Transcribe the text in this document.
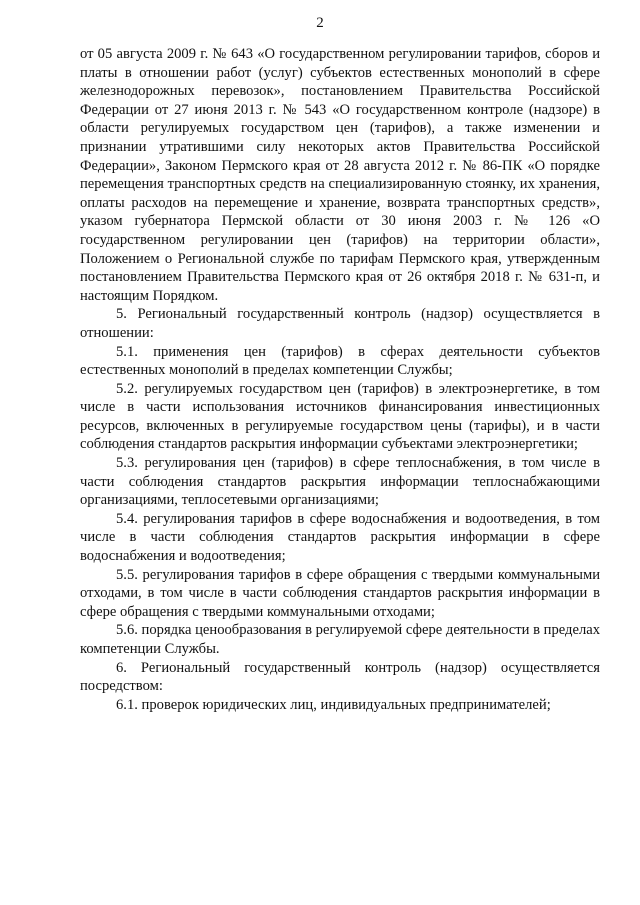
2

от 05 августа 2009 г. № 643 «О государственном регулировании тарифов, сборов и платы в отношении работ (услуг) субъектов естественных монополий в сфере железнодорожных перевозок», постановлением Правительства Российской Федерации от 27 июня 2013 г. № 543 «О государственном контроле (надзоре) в области регулируемых государством цен (тарифов), а также изменении и признании утратившими силу некоторых актов Правительства Российской Федерации», Законом Пермского края от 28 августа 2012 г. № 86-ПК «О порядке перемещения транспортных средств на специализированную стоянку, их хранения, оплаты расходов на перемещение и хранение, возврата транспортных средств», указом губернатора Пермской области от 30 июня 2003 г. № 126 «О государственном регулировании цен (тарифов) на территории области», Положением о Региональной службе по тарифам Пермского края, утвержденным постановлением Правительства Пермского края от 26 октября 2018 г. № 631-п, и настоящим Порядком.

5. Региональный государственный контроль (надзор) осуществляется в отношении:

5.1. применения цен (тарифов) в сферах деятельности субъектов естественных монополий в пределах компетенции Службы;

5.2. регулируемых государством цен (тарифов) в электроэнергетике, в том числе в части использования источников финансирования инвестиционных ресурсов, включенных в регулируемые государством цены (тарифы), и в части соблюдения стандартов раскрытия информации субъектами электроэнергетики;

5.3. регулирования цен (тарифов) в сфере теплоснабжения, в том числе в части соблюдения стандартов раскрытия информации теплоснабжающими организациями, теплосетевыми организациями;

5.4. регулирования тарифов в сфере водоснабжения и водоотведения, в том числе в части соблюдения стандартов раскрытия информации в сфере водоснабжения и водоотведения;

5.5. регулирования тарифов в сфере обращения с твердыми коммунальными отходами, в том числе в части соблюдения стандартов раскрытия информации в сфере обращения с твердыми коммунальными отходами;

5.6. порядка ценообразования в регулируемой сфере деятельности в пределах компетенции Службы.

6. Региональный государственный контроль (надзор) осуществляется посредством:

6.1. проверок юридических лиц, индивидуальных предпринимателей;
